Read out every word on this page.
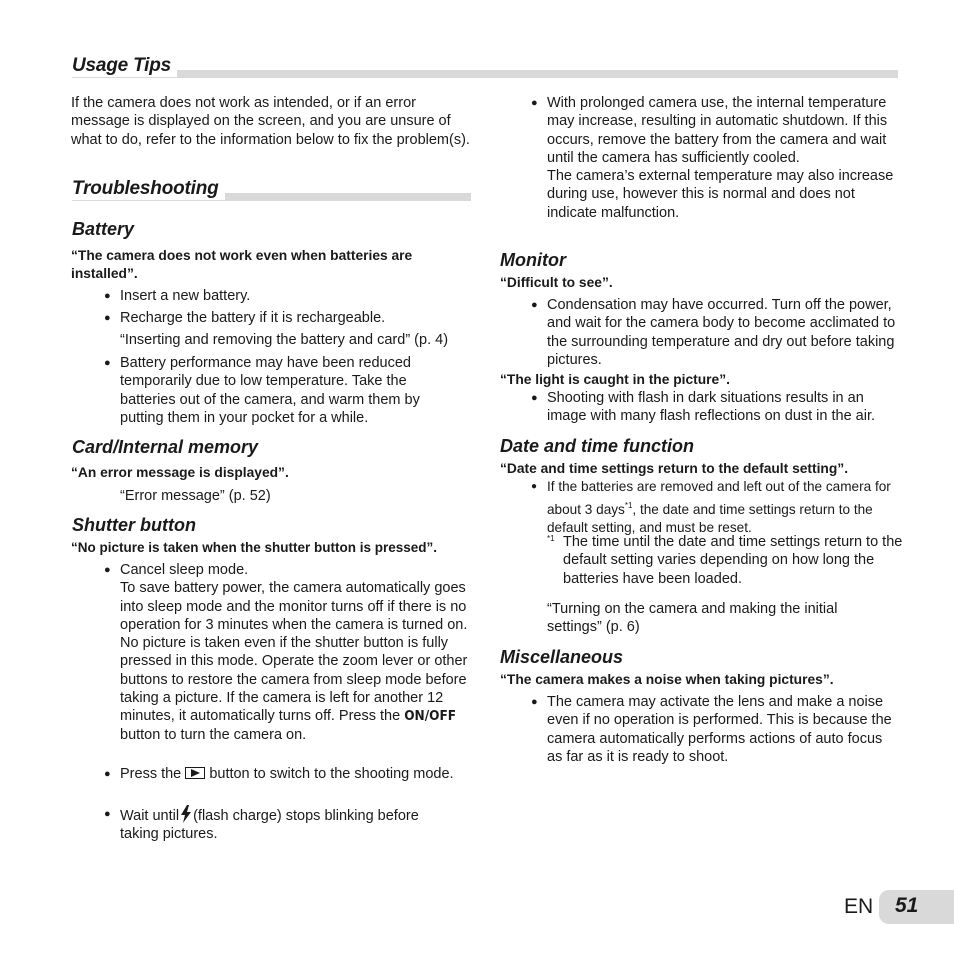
Usage Tips
If the camera does not work as intended, or if an error message is displayed on the screen, and you are unsure of what to do, refer to the information below to fix the problem(s).
Troubleshooting
Battery
“The camera does not work even when batteries are installed”.
● Insert a new battery.
● Recharge the battery if it is rechargeable.
“Inserting and removing the battery and card” (p. 4)
● Battery performance may have been reduced temporarily due to low temperature. Take the batteries out of the camera, and warm them by putting them in your pocket for a while.
Card/Internal memory
“An error message is displayed”.
“Error message” (p. 52)
Shutter button
“No picture is taken when the shutter button is pressed”.
● Cancel sleep mode.
To save battery power, the camera automatically goes into sleep mode and the monitor turns off if there is no operation for 3 minutes when the camera is turned on. No picture is taken even if the shutter button is fully pressed in this mode. Operate the zoom lever or other buttons to restore the camera from sleep mode before taking a picture. If the camera is left for another 12 minutes, it automatically turns off. Press the ON/OFF button to turn the camera on.
● Press the button to switch to the shooting mode.
● Wait until (flash charge) stops blinking before taking pictures.
● With prolonged camera use, the internal temperature may increase, resulting in automatic shutdown. If this occurs, remove the battery from the camera and wait until the camera has sufficiently cooled.
The camera’s external temperature may also increase during use, however this is normal and does not indicate malfunction.
Monitor
“Difficult to see”.
● Condensation may have occurred. Turn off the power, and wait for the camera body to become acclimated to the surrounding temperature and dry out before taking pictures.
“The light is caught in the picture”.
● Shooting with flash in dark situations results in an image with many flash reflections on dust in the air.
Date and time function
“Date and time settings return to the default setting”.
● If the batteries are removed and left out of the camera for about 3 days$^{*1}$, the date and time settings return to the default setting, and must be reset.
*1 The time until the date and time settings return to the default setting varies depending on how long the batteries have been loaded.
“Turning on the camera and making the initial settings” (p. 6)
Miscellaneous
“The camera makes a noise when taking pictures”.
● The camera may activate the lens and make a noise even if no operation is performed. This is because the camera automatically performs actions of auto focus as far as it is ready to shoot.
EN 51
